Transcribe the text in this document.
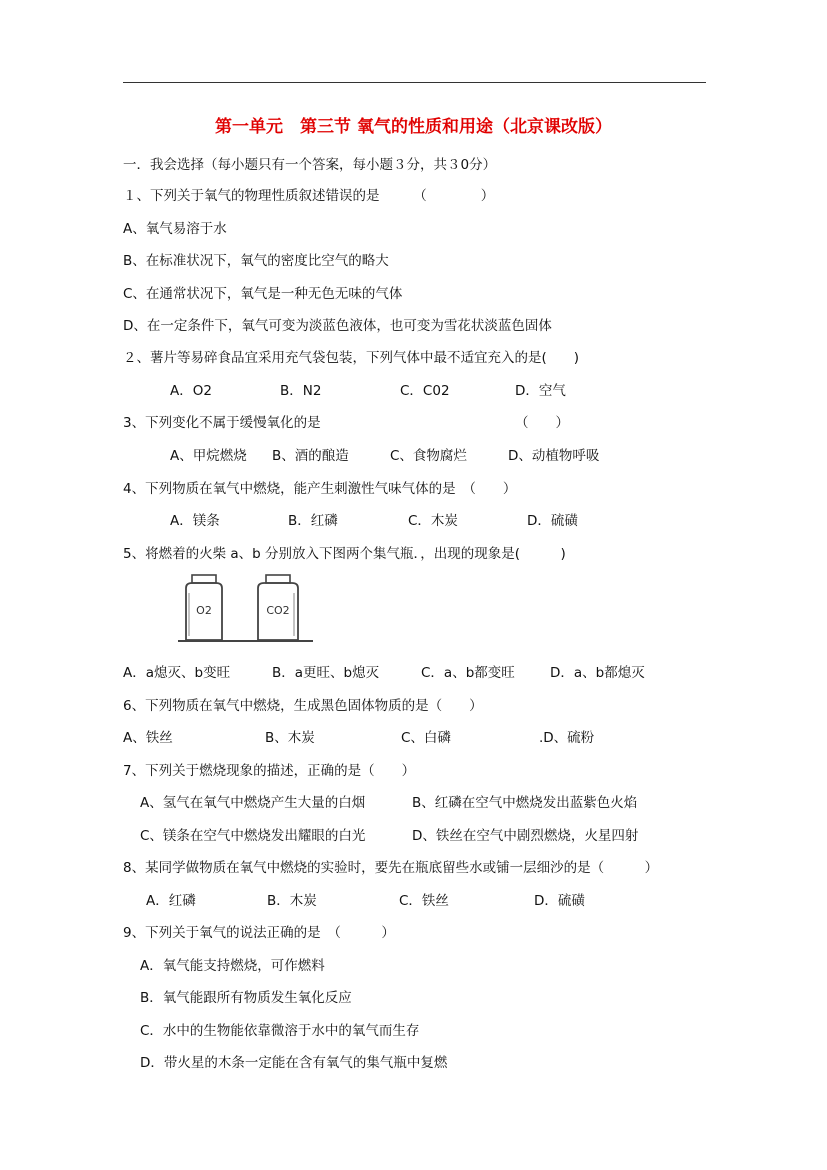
第一单元　第三节 氧气的性质和用途（北京课改版）
一．我会选择（每小题只有一个答案，每小题３分，共３0分）
１、下列关于氧气的物理性质叙述错误的是　　　（　　　　）
A、氧气易溶于水
B、在标准状况下，氧气的密度比空气的略大
C、在通常状况下，氧气是一种无色无味的气体
D、在一定条件下，氧气可变为淡蓝色液体，也可变为雪花状淡蓝色固体
２、薯片等易碎食品宜采用充气袋包装，下列气体中最不适宜充入的是(　　)
A．O2	B．N2	C．C02	D．空气
3、下列变化不属于缓慢氧化的是	（　　）
A、甲烷燃烧 B、酒的酿造	C、食物腐烂	D、动植物呼吸
4、下列物质在氧气中燃烧，能产生刺激性气味气体的是　（　　）
A．镁条	B．红磷	C．木炭	D．硫磺
5、将燃着的火柴 a、b 分别放入下图两个集气瓶．，出现的现象是(　　　)
O2	CO2
A．a熄灭、b变旺	B．a更旺、b熄灭	C．a、b都变旺	D．a、b都熄灭
6、下列物质在氧气中燃烧，生成黑色固体物质的是（　　）
A、铁丝	B、木炭	C、白磷	.D、硫粉
7、下列关于燃烧现象的描述，正确的是（　　）
A、氢气在氧气中燃烧产生大量的白烟	B、红磷在空气中燃烧发出蓝紫色火焰
C、镁条在空气中燃烧发出耀眼的白光	D、铁丝在空气中剧烈燃烧，火星四射
8、某同学做物质在氧气中燃烧的实验时，要先在瓶底留些水或铺一层细沙的是（　　　）
A．红磷	B．木炭	C．铁丝	D．硫磺
9、下列关于氧气的说法正确的是　（　　　）
A．氧气能支持燃烧，可作燃料
B．氧气能跟所有物质发生氧化反应
C．水中的生物能依靠微溶于水中的氧气而生存
D．带火星的木条一定能在含有氧气的集气瓶中复燃
